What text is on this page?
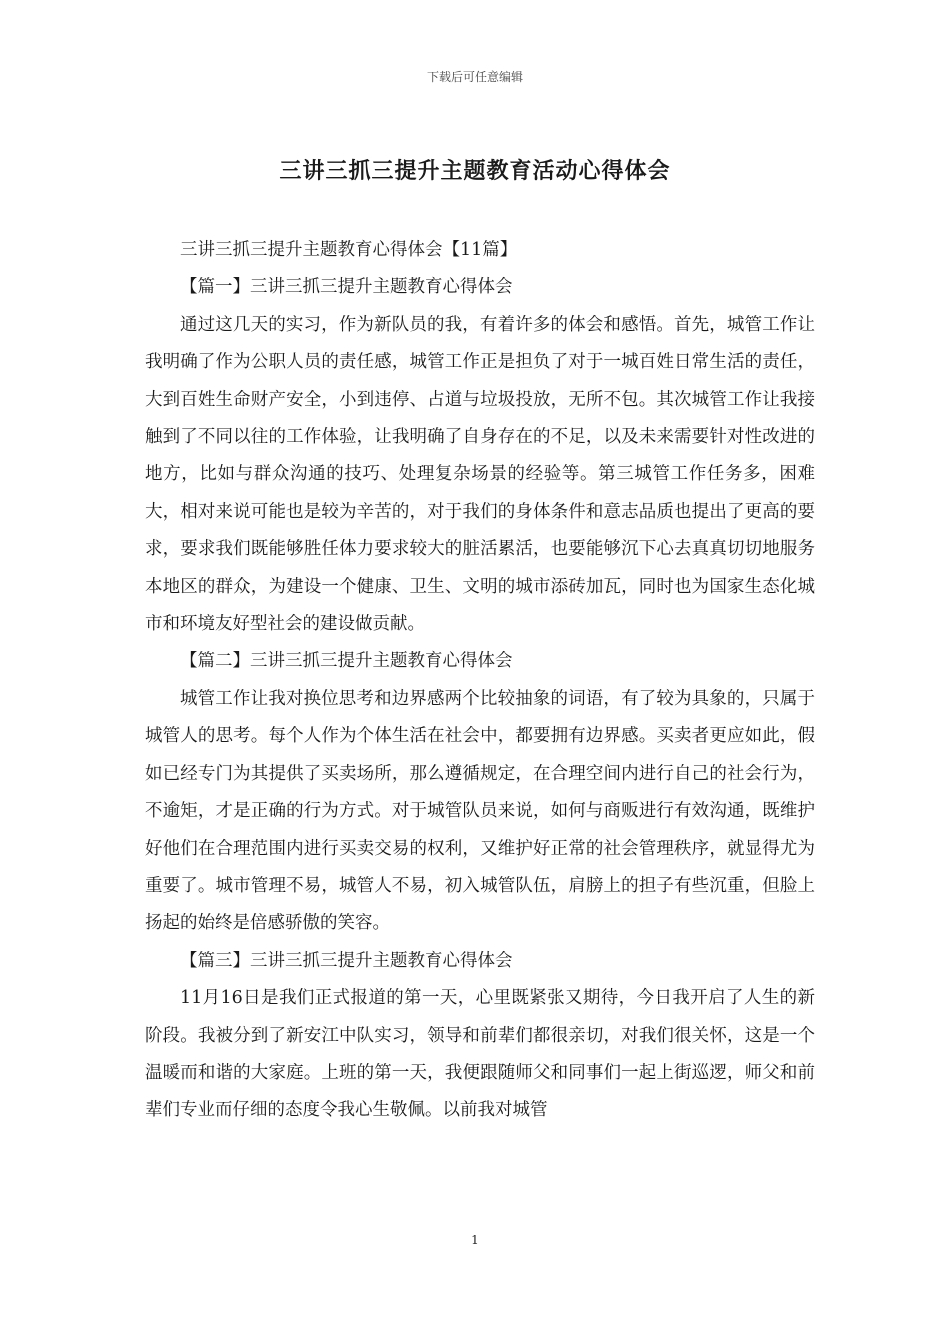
下载后可任意编辑
三讲三抓三提升主题教育活动心得体会

三讲三抓三提升主题教育心得体会【11篇】

【篇一】三讲三抓三提升主题教育心得体会

通过这几天的实习，作为新队员的我，有着许多的体会和感悟。首先，城管工作让我明确了作为公职人员的责任感，城管工作正是担负了对于一城百姓日常生活的责任，大到百姓生命财产安全，小到违停、占道与垃圾投放，无所不包。其次城管工作让我接触到了不同以往的工作体验，让我明确了自身存在的不足，以及未来需要针对性改进的地方，比如与群众沟通的技巧、处理复杂场景的经验等。第三城管工作任务多，困难大，相对来说可能也是较为辛苦的，对于我们的身体条件和意志品质也提出了更高的要求，要求我们既能够胜任体力要求较大的脏活累活，也要能够沉下心去真真切切地服务本地区的群众，为建设一个健康、卫生、文明的城市添砖加瓦，同时也为国家生态化城市和环境友好型社会的建设做贡献。

【篇二】三讲三抓三提升主题教育心得体会

城管工作让我对换位思考和边界感两个比较抽象的词语，有了较为具象的，只属于城管人的思考。每个人作为个体生活在社会中，都要拥有边界感。买卖者更应如此，假如已经专门为其提供了买卖场所，那么遵循规定，在合理空间内进行自己的社会行为，不逾矩，才是正确的行为方式。对于城管队员来说，如何与商贩进行有效沟通，既维护好他们在合理范围内进行买卖交易的权利，又维护好正常的社会管理秩序，就显得尤为重要了。城市管理不易，城管人不易，初入城管队伍，肩膀上的担子有些沉重，但脸上扬起的始终是倍感骄傲的笑容。

【篇三】三讲三抓三提升主题教育心得体会

11月16日是我们正式报道的第一天，心里既紧张又期待，今日我开启了人生的新阶段。我被分到了新安江中队实习，领导和前辈们都很亲切，对我们很关怀，这是一个温暖而和谐的大家庭。上班的第一天，我便跟随师父和同事们一起上街巡逻，师父和前辈们专业而仔细的态度令我心生敬佩。以前我对城管

1
